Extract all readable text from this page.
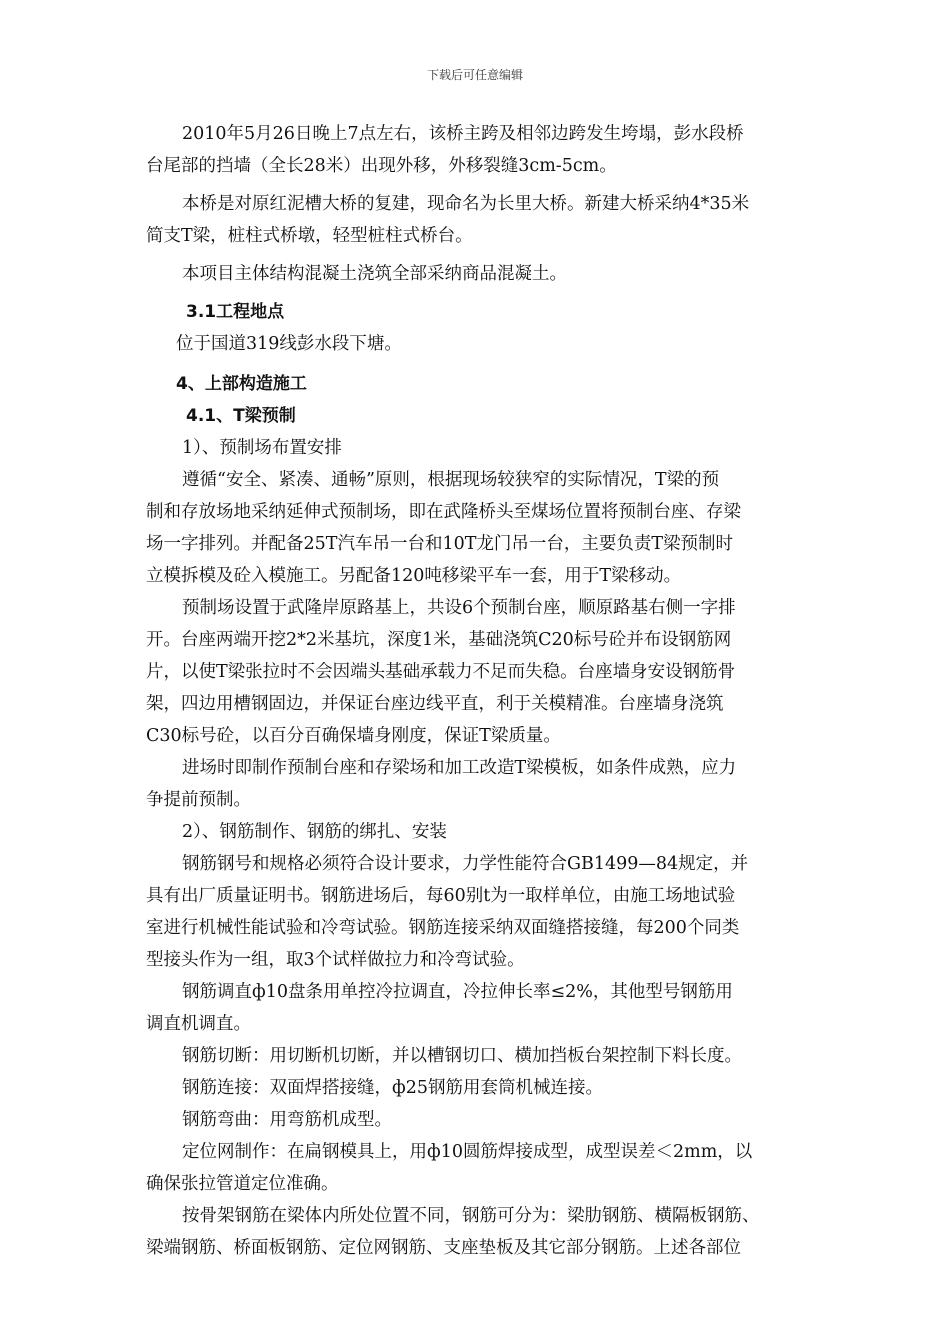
下载后可任意编辑
2010年5月26日晚上7点左右，该桥主跨及相邻边跨发生垮塌，彭水段桥
台尾部的挡墙（全长28米）出现外移，外移裂缝3cm-5cm。
本桥是对原红泥槽大桥的复建，现命名为长里大桥。新建大桥采纳4*35米
简支T梁，桩柱式桥墩，轻型桩柱式桥台。
本项目主体结构混凝土浇筑全部采纳商品混凝土。
3.1工程地点
位于国道319线彭水段下塘。
4、上部构造施工
4.1、T梁预制
1）、预制场布置安排
遵循“安全、紧凑、通畅”原则，根据现场较狭窄的实际情况，T梁的预
制和存放场地采纳延伸式预制场，即在武隆桥头至煤场位置将预制台座、存梁
场一字排列。并配备25T汽车吊一台和10T龙门吊一台，主要负责T梁预制时
立模拆模及砼入模施工。另配备120吨移梁平车一套，用于T梁移动。
预制场设置于武隆岸原路基上，共设6个预制台座，顺原路基右侧一字排
开。台座两端开挖2*2米基坑，深度1米，基础浇筑C20标号砼并布设钢筋网
片，以使T梁张拉时不会因端头基础承载力不足而失稳。台座墙身安设钢筋骨
架，四边用槽钢固边，并保证台座边线平直，利于关模精准。台座墙身浇筑
C30标号砼，以百分百确保墙身刚度，保证T梁质量。
进场时即制作预制台座和存梁场和加工改造T梁模板，如条件成熟，应力
争提前预制。
2）、钢筋制作、钢筋的绑扎、安装
钢筋钢号和规格必须符合设计要求，力学性能符合GB1499—84规定，并
具有出厂质量证明书。钢筋进场后，每60别t为一取样单位，由施工场地试验
室进行机械性能试验和冷弯试验。钢筋连接采纳双面缝搭接缝，每200个同类
型接头作为一组，取3个试样做拉力和冷弯试验。
钢筋调直ф10盘条用单控冷拉调直，冷拉伸长率≤2%，其他型号钢筋用
调直机调直。
钢筋切断：用切断机切断，并以槽钢切口、横加挡板台架控制下料长度。
钢筋连接：双面焊搭接缝，ф25钢筋用套筒机械连接。
钢筋弯曲：用弯筋机成型。
定位网制作：在扁钢模具上，用ф10圆筋焊接成型，成型误差＜2mm，以
确保张拉管道定位准确。
按骨架钢筋在梁体内所处位置不同，钢筋可分为：梁肋钢筋、横隔板钢筋、
梁端钢筋、桥面板钢筋、定位网钢筋、支座垫板及其它部分钢筋。上述各部位
